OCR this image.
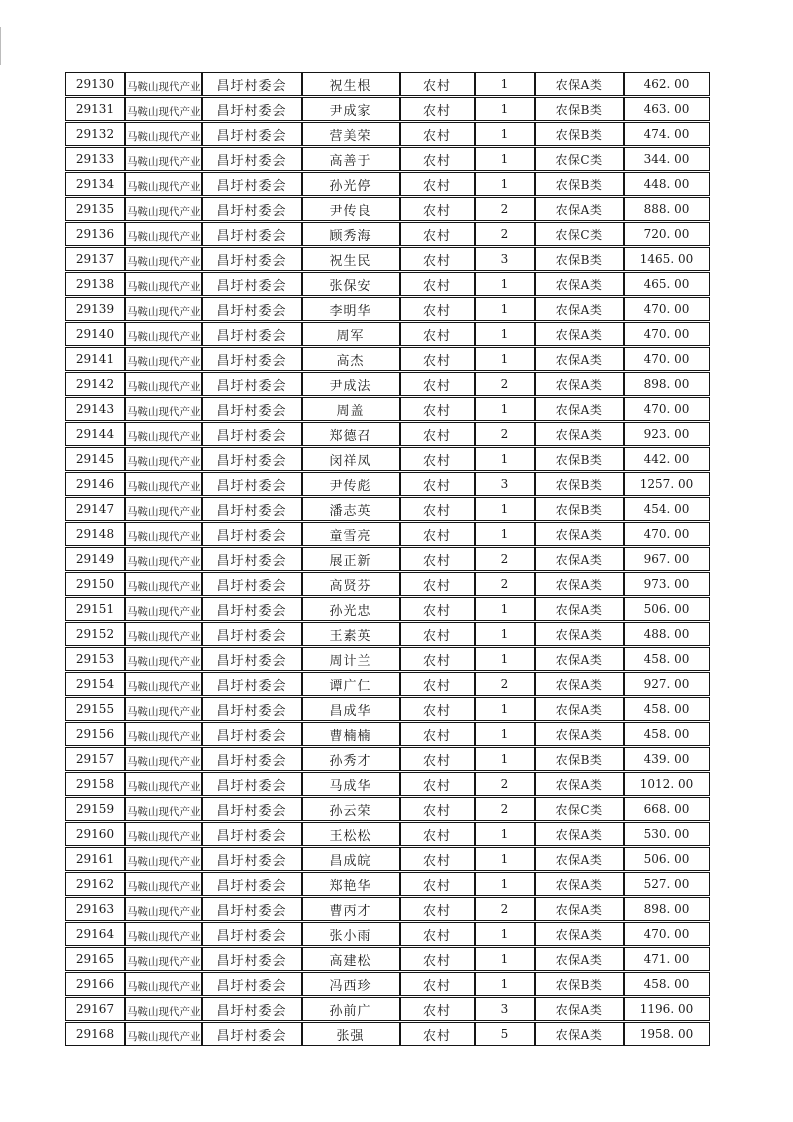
29130	马鞍山现代产业	昌圩村委会	祝生根	农村	1	农保A类	462. 00
29131	马鞍山现代产业	昌圩村委会	尹成家	农村	1	农保B类	463. 00
29132	马鞍山现代产业	昌圩村委会	营美荣	农村	1	农保B类	474. 00
29133	马鞍山现代产业	昌圩村委会	高善于	农村	1	农保C类	344. 00
29134	马鞍山现代产业	昌圩村委会	孙光停	农村	1	农保B类	448. 00
29135	马鞍山现代产业	昌圩村委会	尹传良	农村	2	农保A类	888. 00
29136	马鞍山现代产业	昌圩村委会	顾秀海	农村	2	农保C类	720. 00
29137	马鞍山现代产业	昌圩村委会	祝生民	农村	3	农保B类	1465. 00
29138	马鞍山现代产业	昌圩村委会	张保安	农村	1	农保A类	465. 00
29139	马鞍山现代产业	昌圩村委会	李明华	农村	1	农保A类	470. 00
29140	马鞍山现代产业	昌圩村委会	周军	农村	1	农保A类	470. 00
29141	马鞍山现代产业	昌圩村委会	高杰	农村	1	农保A类	470. 00
29142	马鞍山现代产业	昌圩村委会	尹成法	农村	2	农保A类	898. 00
29143	马鞍山现代产业	昌圩村委会	周盖	农村	1	农保A类	470. 00
29144	马鞍山现代产业	昌圩村委会	郑德召	农村	2	农保A类	923. 00
29145	马鞍山现代产业	昌圩村委会	闵祥凤	农村	1	农保B类	442. 00
29146	马鞍山现代产业	昌圩村委会	尹传彪	农村	3	农保B类	1257. 00
29147	马鞍山现代产业	昌圩村委会	潘志英	农村	1	农保B类	454. 00
29148	马鞍山现代产业	昌圩村委会	童雪亮	农村	1	农保A类	470. 00
29149	马鞍山现代产业	昌圩村委会	展正新	农村	2	农保A类	967. 00
29150	马鞍山现代产业	昌圩村委会	高贤芬	农村	2	农保A类	973. 00
29151	马鞍山现代产业	昌圩村委会	孙光忠	农村	1	农保A类	506. 00
29152	马鞍山现代产业	昌圩村委会	王素英	农村	1	农保A类	488. 00
29153	马鞍山现代产业	昌圩村委会	周计兰	农村	1	农保A类	458. 00
29154	马鞍山现代产业	昌圩村委会	谭广仁	农村	2	农保A类	927. 00
29155	马鞍山现代产业	昌圩村委会	昌成华	农村	1	农保A类	458. 00
29156	马鞍山现代产业	昌圩村委会	曹楠楠	农村	1	农保A类	458. 00
29157	马鞍山现代产业	昌圩村委会	孙秀才	农村	1	农保B类	439. 00
29158	马鞍山现代产业	昌圩村委会	马成华	农村	2	农保A类	1012. 00
29159	马鞍山现代产业	昌圩村委会	孙云荣	农村	2	农保C类	668. 00
29160	马鞍山现代产业	昌圩村委会	王松松	农村	1	农保A类	530. 00
29161	马鞍山现代产业	昌圩村委会	昌成皖	农村	1	农保A类	506. 00
29162	马鞍山现代产业	昌圩村委会	郑艳华	农村	1	农保A类	527. 00
29163	马鞍山现代产业	昌圩村委会	曹丙才	农村	2	农保A类	898. 00
29164	马鞍山现代产业	昌圩村委会	张小雨	农村	1	农保A类	470. 00
29165	马鞍山现代产业	昌圩村委会	高建松	农村	1	农保A类	471. 00
29166	马鞍山现代产业	昌圩村委会	冯西珍	农村	1	农保B类	458. 00
29167	马鞍山现代产业	昌圩村委会	孙前广	农村	3	农保A类	1196. 00
29168	马鞍山现代产业	昌圩村委会	张强	农村	5	农保A类	1958. 00
